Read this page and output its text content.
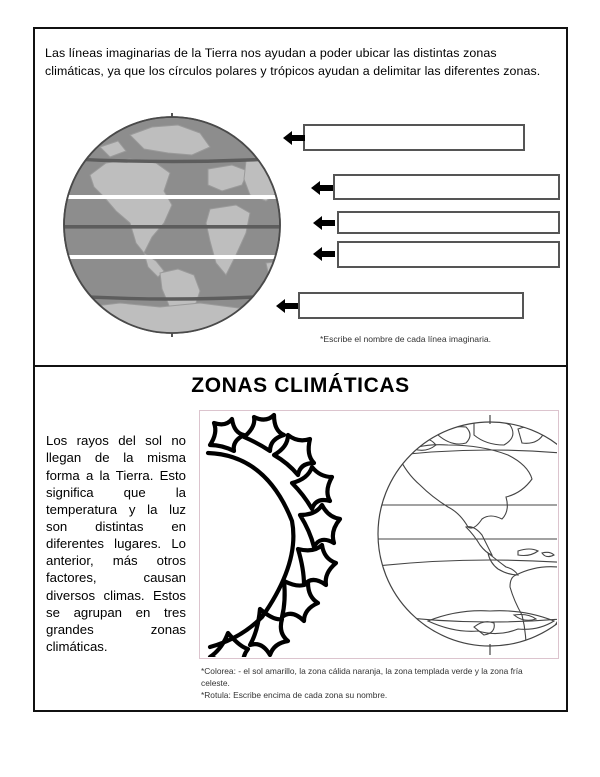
Las líneas imaginarias de la Tierra nos ayudan a poder ubicar las distintas zonas climáticas, ya que los círculos polares y trópicos ayudan a delimitar las diferentes zonas.

*Escribe el nombre de cada línea imaginaria.
ZONAS CLIMÁTICAS

Los rayos del sol no llegan de la misma forma a la Tierra. Esto significa que la temperatura y la luz son distintas en diferentes lugares. Lo anterior, más otros factores, causan diversos climas. Estos se agrupan en tres grandes zonas climáticas.

*Colorea: - el sol amarillo, la zona cálida naranja, la zona templada verde y la zona fría celeste.
*Rotula: Escribe encima de cada zona su nombre.
